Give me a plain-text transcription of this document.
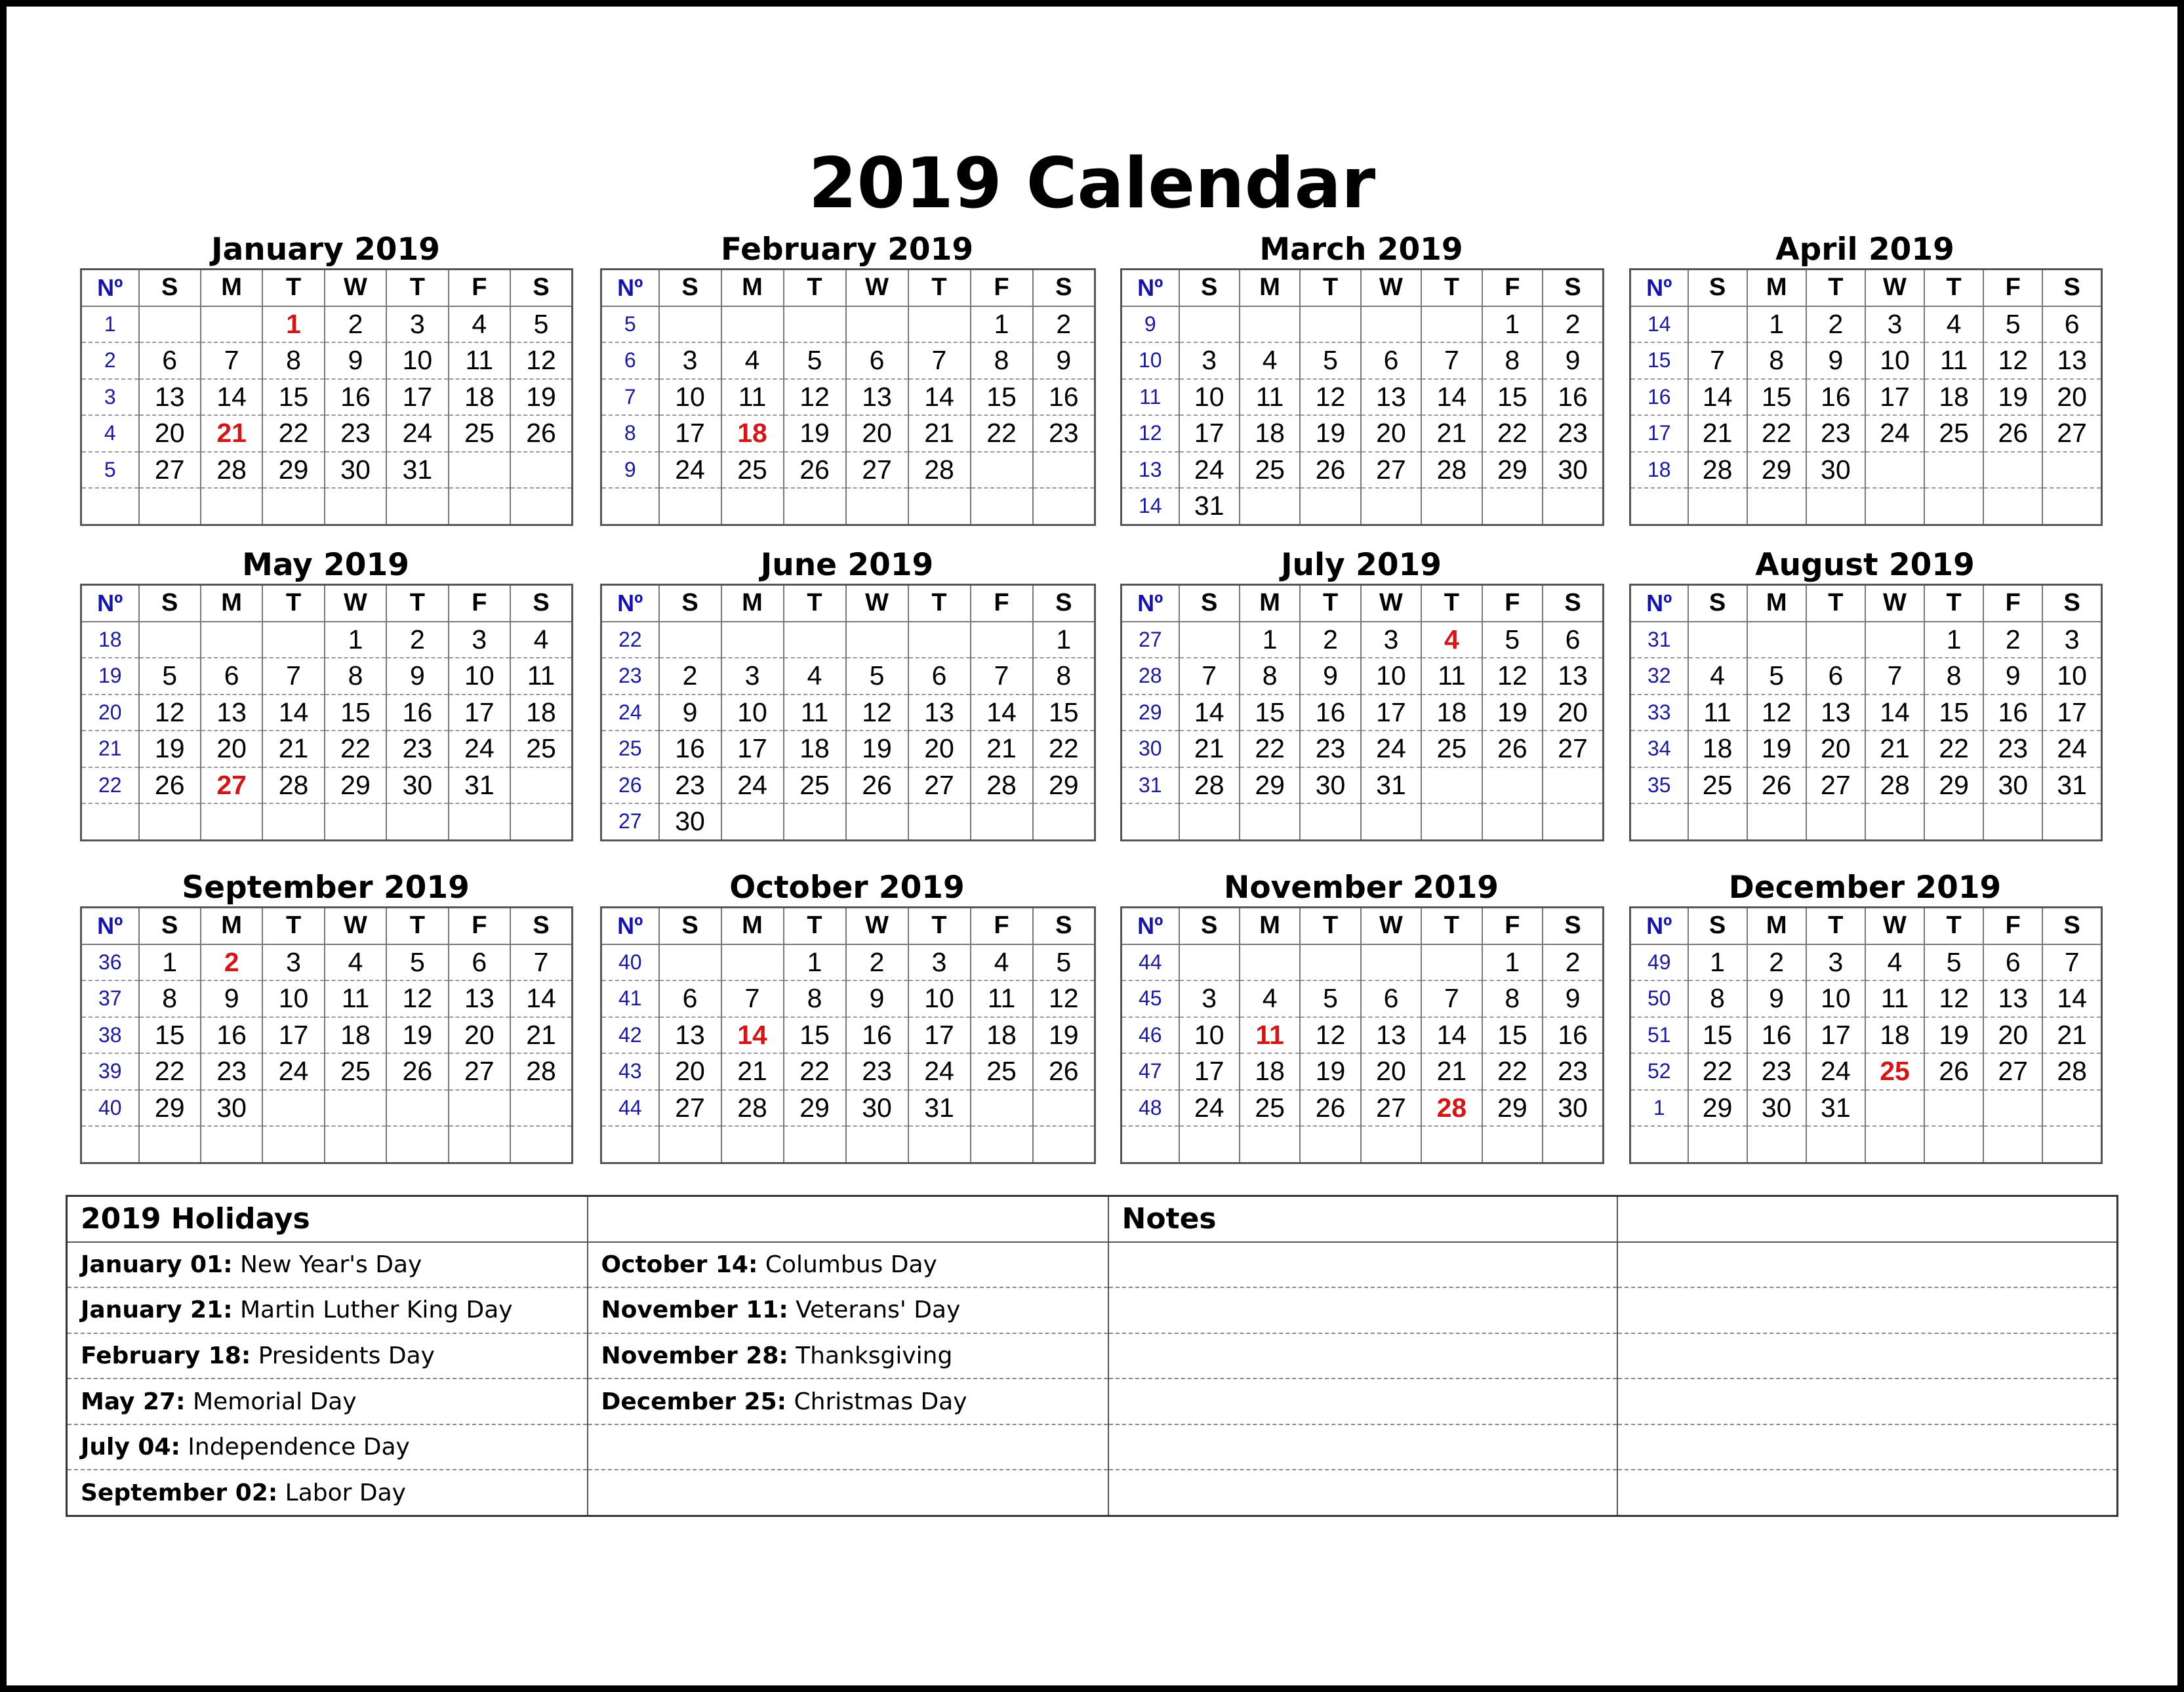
2019 Calendar
January 2019
Nº	S	M	T	W	T	F	S
1			1	2	3	4	5
2	6	7	8	9	10	11	12
3	13	14	15	16	17	18	19
4	20	21	22	23	24	25	26
5	27	28	29	30	31		

February 2019
Nº	S	M	T	W	T	F	S
5						1	2
6	3	4	5	6	7	8	9
7	10	11	12	13	14	15	16
8	17	18	19	20	21	22	23
9	24	25	26	27	28		

March 2019
Nº	S	M	T	W	T	F	S
9						1	2
10	3	4	5	6	7	8	9
11	10	11	12	13	14	15	16
12	17	18	19	20	21	22	23
13	24	25	26	27	28	29	30
14	31						
April 2019
Nº	S	M	T	W	T	F	S
14		1	2	3	4	5	6
15	7	8	9	10	11	12	13
16	14	15	16	17	18	19	20
17	21	22	23	24	25	26	27
18	28	29	30				

May 2019
Nº	S	M	T	W	T	F	S
18				1	2	3	4
19	5	6	7	8	9	10	11
20	12	13	14	15	16	17	18
21	19	20	21	22	23	24	25
22	26	27	28	29	30	31	

June 2019
Nº	S	M	T	W	T	F	S
22							1
23	2	3	4	5	6	7	8
24	9	10	11	12	13	14	15
25	16	17	18	19	20	21	22
26	23	24	25	26	27	28	29
27	30						
July 2019
Nº	S	M	T	W	T	F	S
27		1	2	3	4	5	6
28	7	8	9	10	11	12	13
29	14	15	16	17	18	19	20
30	21	22	23	24	25	26	27
31	28	29	30	31			

August 2019
Nº	S	M	T	W	T	F	S
31					1	2	3
32	4	5	6	7	8	9	10
33	11	12	13	14	15	16	17
34	18	19	20	21	22	23	24
35	25	26	27	28	29	30	31

September 2019
Nº	S	M	T	W	T	F	S
36	1	2	3	4	5	6	7
37	8	9	10	11	12	13	14
38	15	16	17	18	19	20	21
39	22	23	24	25	26	27	28
40	29	30					

October 2019
Nº	S	M	T	W	T	F	S
40			1	2	3	4	5
41	6	7	8	9	10	11	12
42	13	14	15	16	17	18	19
43	20	21	22	23	24	25	26
44	27	28	29	30	31		

November 2019
Nº	S	M	T	W	T	F	S
44						1	2
45	3	4	5	6	7	8	9
46	10	11	12	13	14	15	16
47	17	18	19	20	21	22	23
48	24	25	26	27	28	29	30

December 2019
Nº	S	M	T	W	T	F	S
49	1	2	3	4	5	6	7
50	8	9	10	11	12	13	14
51	15	16	17	18	19	20	21
52	22	23	24	25	26	27	28
1	29	30	31				

2019 Holidays		Notes	
January 01: New Year's Day	October 14: Columbus Day		
January 21: Martin Luther King Day	November 11: Veterans' Day		
February 18: Presidents Day	November 28: Thanksgiving		
May 27: Memorial Day	December 25: Christmas Day		
July 04: Independence Day			
September 02: Labor Day			
